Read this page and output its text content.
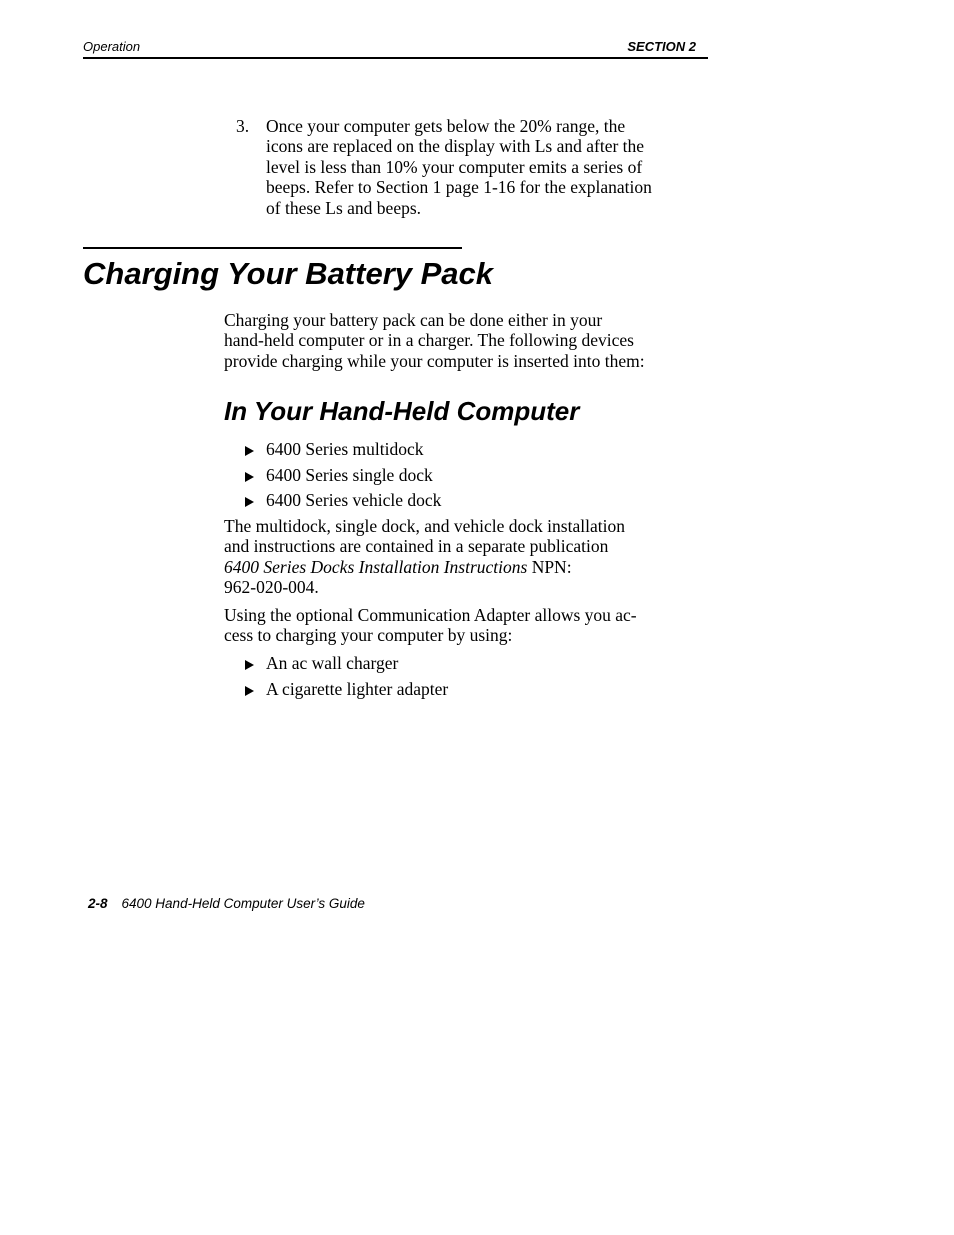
Operation	SECTION 2
3. Once your computer gets below the 20% range, the
icons are replaced on the display with Ls and after the
level is less than 10% your computer emits a series of
beeps. Refer to Section 1 page 1-16 for the explanation
of these Ls and beeps.
Charging Your Battery Pack
Charging your battery pack can be done either in your
hand-held computer or in a charger. The following devices
provide charging while your computer is inserted into them:
In Your Hand-Held Computer
6400 Series multidock
6400 Series single dock
6400 Series vehicle dock
The multidock, single dock, and vehicle dock installation
and instructions are contained in a separate publication
6400 Series Docks Installation Instructions NPN:
962-020-004.
Using the optional Communication Adapter allows you ac-
cess to charging your computer by using:
An ac wall charger
A cigarette lighter adapter
2-8 6400 Hand-Held Computer User’s Guide
